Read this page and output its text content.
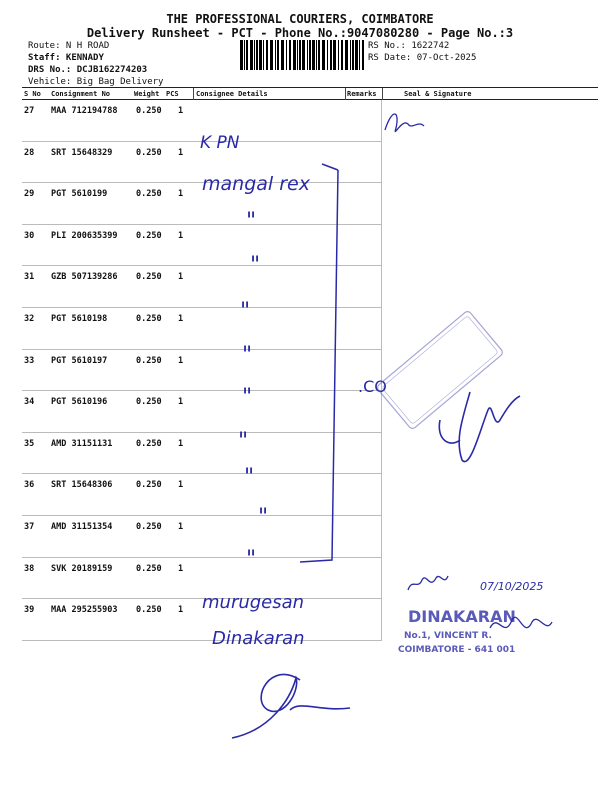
THE PROFESSIONAL COURIERS, COIMBATORE
Delivery Runsheet - PCT - Phone No.:9047080280 - Page No.:3
Route: N H ROAD
Staff: KENNADY
DRS No.: DCJB162274203
Vehicle: Big Bag Delivery
RS No.: 1622742
RS Date: 07-Oct-2025
S No Consignment No	Weight PCS Consignee Details	Remarks	Seal & Signature
27 MAA 712194788 0.250 1
28 SRT 15648329	0.250 1
29 PGT 5610199	0.250 1
30 PLI 200635399 0.250 1
31 GZB 507139286 0.250 1
32 PGT 5610198	0.250 1
33 PGT 5610197	0.250 1
34 PGT 5610196	0.250 1
35 AMD 31151131	0.250 1
36 SRT 15648306	0.250 1
37 AMD 31151354	0.250 1
38 SVK 20189159	0.250 1
39 MAA 295255903 0.250 1
K PN
mangal rex
"
"
"
"
"
"
"
"
"
murugesan
Dinakaran
.CO
07/10/2025
DINAKARAN
No.1, VINCENT R.
COIMBATORE - 641 001
